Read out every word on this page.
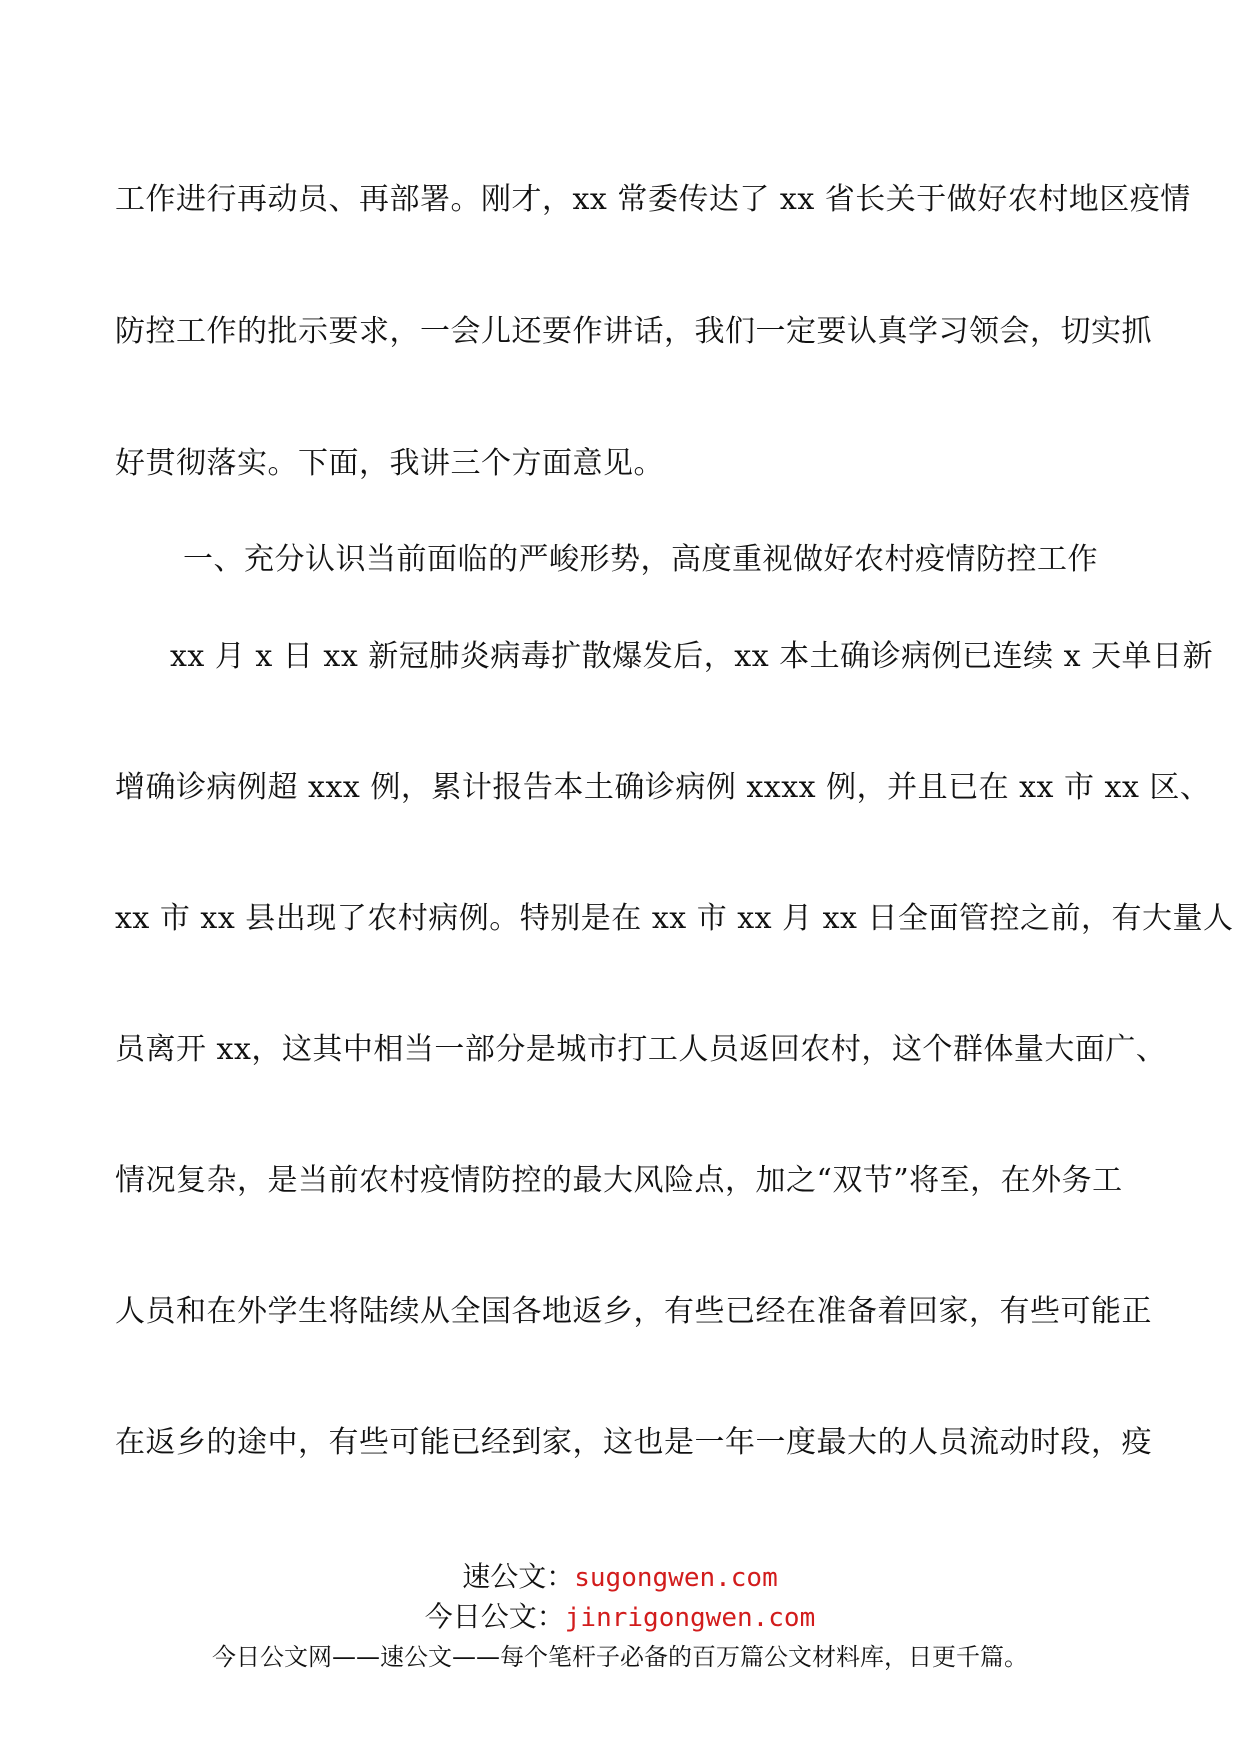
工作进行再动员、再部署。刚才，xx 常委传达了 xx 省长关于做好农村地区疫情
防控工作的批示要求，一会儿还要作讲话，我们一定要认真学习领会，切实抓
好贯彻落实。下面，我讲三个方面意见。
一、充分认识当前面临的严峻形势，高度重视做好农村疫情防控工作
xx 月 x 日 xx 新冠肺炎病毒扩散爆发后，xx 本土确诊病例已连续 x 天单日新
增确诊病例超 xxx 例，累计报告本土确诊病例 xxxx 例，并且已在 xx 市 xx 区、
xx 市 xx 县出现了农村病例。特别是在 xx 市 xx 月 xx 日全面管控之前，有大量人
员离开 xx，这其中相当一部分是城市打工人员返回农村，这个群体量大面广、
情况复杂，是当前农村疫情防控的最大风险点，加之“双节”将至，在外务工
人员和在外学生将陆续从全国各地返乡，有些已经在准备着回家，有些可能正
在返乡的途中，有些可能已经到家，这也是一年一度最大的人员流动时段，疫
速公文：sugongwen.com
今日公文：jinrigongwen.com
今日公文网——速公文——每个笔杆子必备的百万篇公文材料库，日更千篇。
